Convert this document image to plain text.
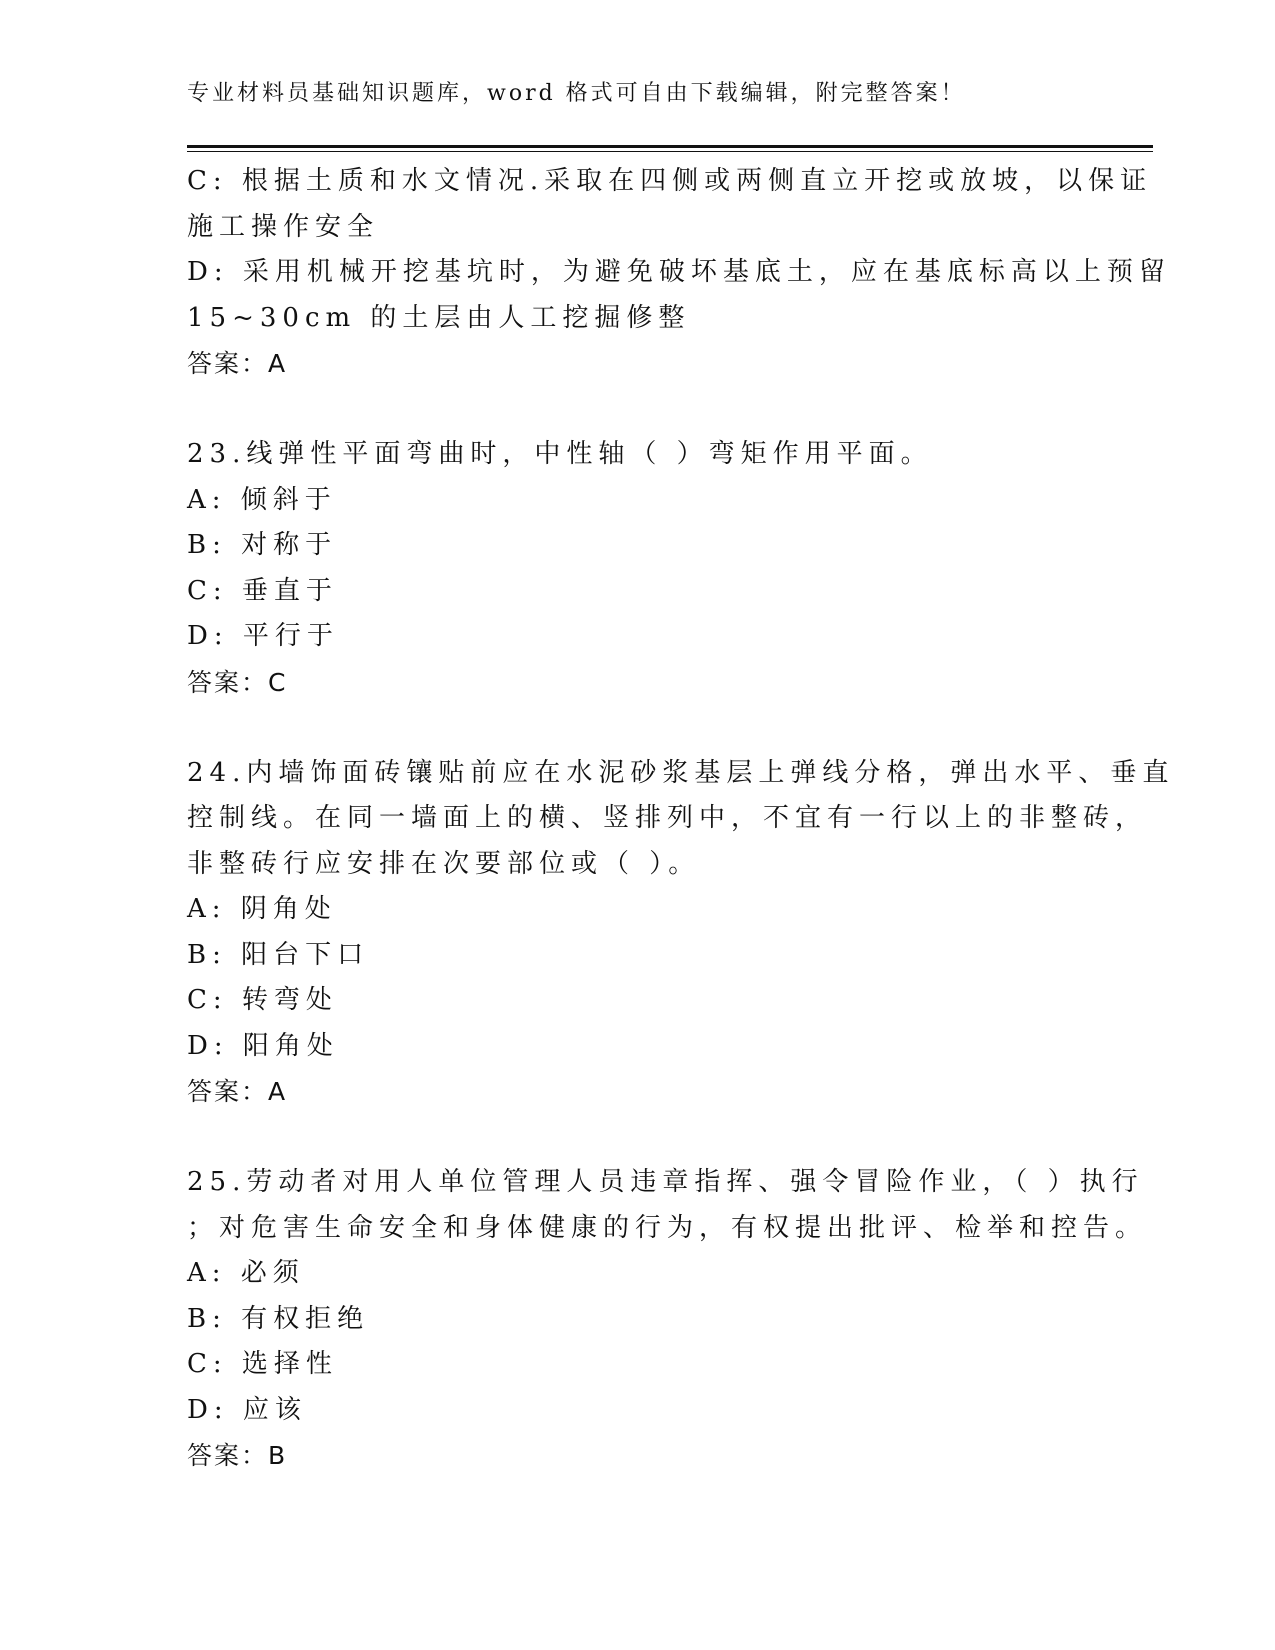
专业材料员基础知识题库，word 格式可自由下载编辑，附完整答案！
C: 根据土质和水文情况.采取在四侧或两侧直立开挖或放坡，以保证
施工操作安全
D: 采用机械开挖基坑时，为避免破坏基底土，应在基底标高以上预留
15~30cm 的土层由人工挖掘修整
答案：A
23.线弹性平面弯曲时，中性轴（ ）弯矩作用平面。
A: 倾斜于
B: 对称于
C: 垂直于
D: 平行于
答案：C
24.内墙饰面砖镶贴前应在水泥砂浆基层上弹线分格，弹出水平、垂直
控制线。在同一墙面上的横、竖排列中，不宜有一行以上的非整砖，
非整砖行应安排在次要部位或（ ）。
A: 阴角处
B: 阳台下口
C: 转弯处
D: 阳角处
答案：A
25.劳动者对用人单位管理人员违章指挥、强令冒险作业，（ ）执行
；对危害生命安全和身体健康的行为，有权提出批评、检举和控告。
A: 必须
B: 有权拒绝
C: 选择性
D: 应该
答案：B
